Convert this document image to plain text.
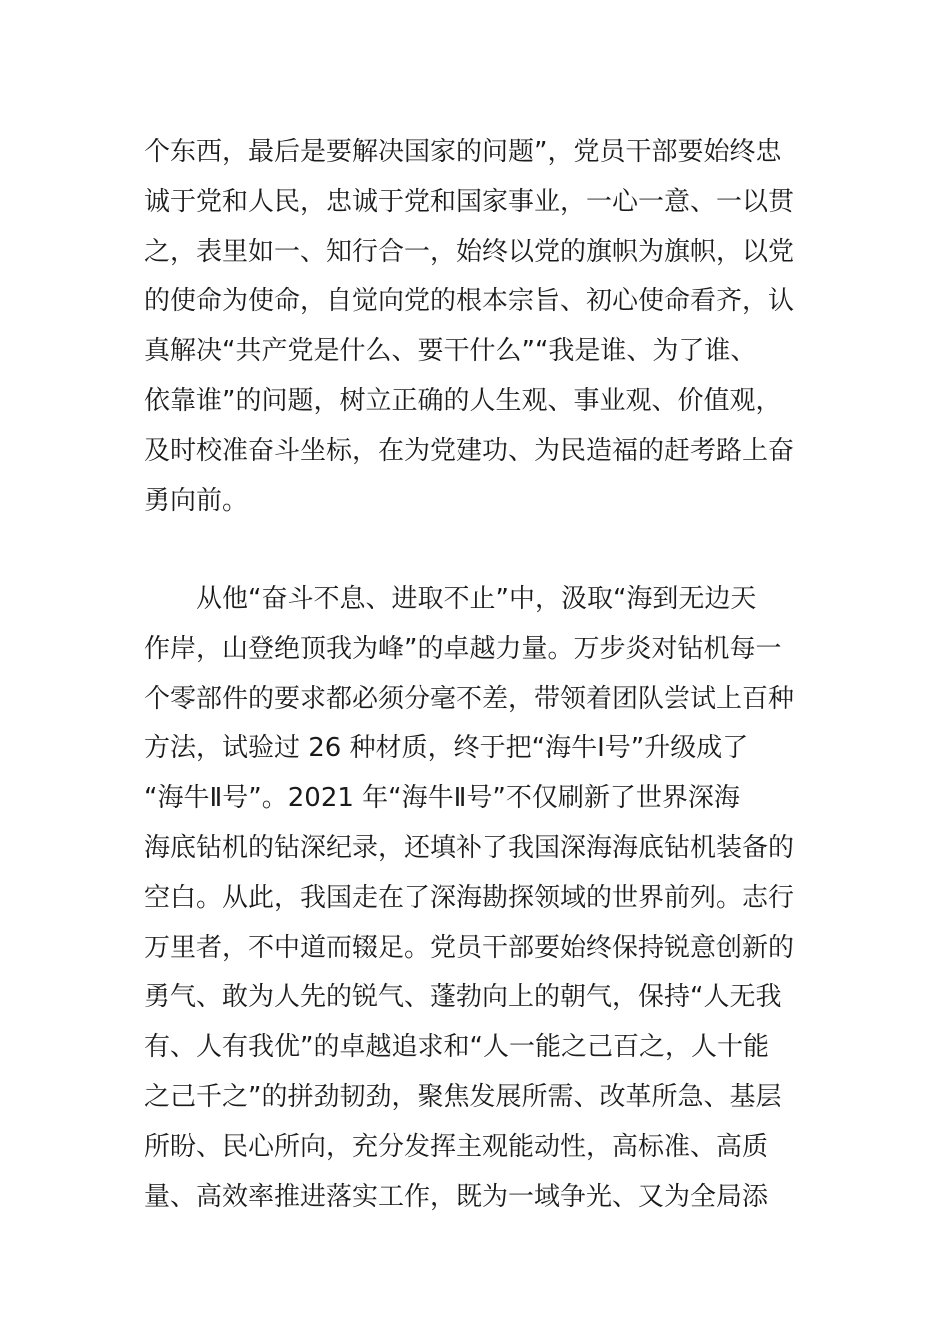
个东西，最后是要解决国家的问题”，党员干部要始终忠
诚于党和人民，忠诚于党和国家事业，一心一意、一以贯
之，表里如一、知行合一，始终以党的旗帜为旗帜，以党
的使命为使命，自觉向党的根本宗旨、初心使命看齐，认
真解决“共产党是什么、要干什么”“我是谁、为了谁、
依靠谁”的问题，树立正确的人生观、事业观、价值观，
及时校准奋斗坐标，在为党建功、为民造福的赶考路上奋
勇向前。
　　从他“奋斗不息、进取不止”中，汲取“海到无边天
作岸，山登绝顶我为峰”的卓越力量。万步炎对钻机每一
个零部件的要求都必须分毫不差，带领着团队尝试上百种
方法，试验过 26 种材质，终于把“海牛Ⅰ号”升级成了
“海牛Ⅱ号”。2021 年“海牛Ⅱ号”不仅刷新了世界深海
海底钻机的钻深纪录，还填补了我国深海海底钻机装备的
空白。从此，我国走在了深海勘探领域的世界前列。志行
万里者，不中道而辍足。党员干部要始终保持锐意创新的
勇气、敢为人先的锐气、蓬勃向上的朝气，保持“人无我
有、人有我优”的卓越追求和“人一能之己百之，人十能
之己千之”的拼劲韧劲，聚焦发展所需、改革所急、基层
所盼、民心所向，充分发挥主观能动性，高标准、高质
量、高效率推进落实工作，既为一域争光、又为全局添
